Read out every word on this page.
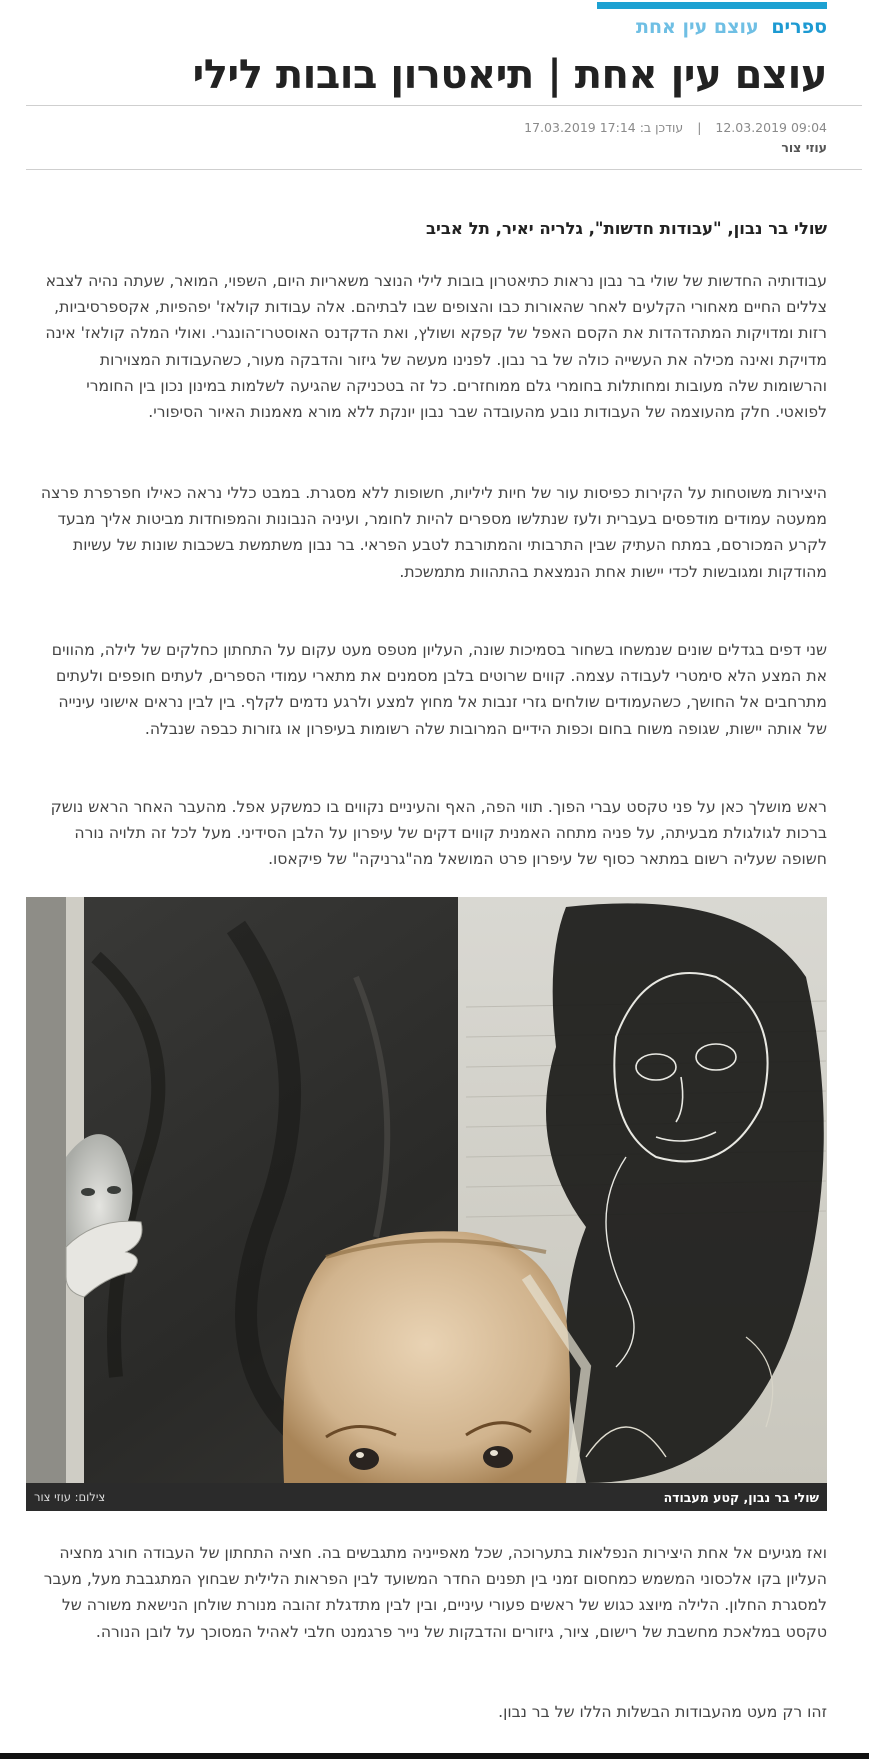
ספרים עוצם עין אחת
עוצם עין אחת | תיאטרון בובות לילי
09:04 12.03.2019 | עודכן ב: 17:14 17.03.2019
עוזי צור
שולי בר נבון, "עבודות חדשות", גלריה יאיר, תל אביב

עבודותיה החדשות של שולי בר נבון נראות כתיאטרון בובות לילי הנוצר משאריות היום, השפוי, המואר, שעתה נהיה לצבא צללים החיים מאחורי הקלעים לאחר שהאורות כבו והצופים שבו לבתיהם. אלה עבודות קולאז' יפהפיות, אקספרסיביות, רזות ומדויקות המתהדהדות את הקסם האפל של קפקא ושולץ, ואת הדקדנס האוסטרו־הונגרי. ואולי המלה קולאז' אינה מדויקת ואינה מכילה את העשייה כולה של בר נבון. לפנינו מעשה של גיזור והדבקה מעור, כשהעבודות המצוירות והרשומות שלה מעובות ומחותלות בחומרי גלם ממוחזרים. כל זה בטכניקה שהגיעה לשלמות במינון נכון בין החומרי לפואטי. חלק מהעוצמה של העבודות נובע מהעובדה שבר נבון יונקת ללא מורא מאמנות האיור הסיפורי.

היצירות משוטחות על הקירות כפיסות עור של חיות ליליות, חשופות ללא מסגרת. במבט כללי נראה כאילו חפרפרת פרצה ממעטה עמודים מודפסים בעברית ולעז שנתלשו מספרים להיות לחומר, ועיניה הנבונות והמפוחדות מביטות אליך מבעד לקרע המכורסם, במתח העתיק שבין התרבותי והמתורבת לטבע הפראי. בר נבון משתמשת בשכבות שונות של עשיות מהודקות ומגובשות לכדי יישות אחת הנמצאת בהתהוות מתמשכת.

שני דפים בגדלים שונים שנמשחו בשחור בסמיכות שונה, העליון מטפס מעט עקום על התחתון כחלקים של לילה, מהווים את המצע הלא סימטרי לעבודה עצמה. קווים שרוטים בלבן מסמנים את מתארי עמודי הספרים, לעתים חופפים ולעתים מתרחבים אל החושך, כשהעמודים שולחים גזרי זנבות אל מחוץ למצע ולרגע נדמים לקלף. בין לבין נראים אישוני עינייה של אותה יישות, שגופה משוח בחום וכפות הידיים המרובות שלה רשומות בעיפרון או גזורות כבפה שנבלה.

ראש מושלך כאן על פני טקסט עברי הפוך. תווי הפה, האף והעיניים נקווים בו כמשקע אפל. מהעבר האחר הראש נושק ברכות לגולגולת מבעיתה, על פניה מתחה האמנית קווים דקים של עיפרון על הלבן הסידיני. מעל לכל זה תלויה נורה חשופה שעליה רשום במתאר כסוף של עיפרון פרט המושאל מה"גרניקה" של פיקאסו.

שולי בר נבון, קטע מעבודה
צילום: עוזי צור

ואז מגיעים אל אחת היצירות הנפלאות בתערוכה, שכל מאפייניה מתגבשים בה. חציה התחתון של העבודה חורג מחציה העליון בקו אלכסוני המשמש כמחסום זמני בין תפנים החדר המשועד לבין הפראות הלילית שבחוץ המתגבבת מעל, מעבר למסגרת החלון. הלילה מיוצג כגוש של ראשים פעורי עיניים, ובין לבין מתדגלת זהובה מנורת שולחן הנישאת משורה של טקסט במלאכת מחשבת של רישום, ציור, גיזורים והדבקות של נייר פרגמנט חלבי לאהיל המסוכך על לובן הנורה.

זהו רק מעט מהעבודות הבשלות הללו של בר נבון.
